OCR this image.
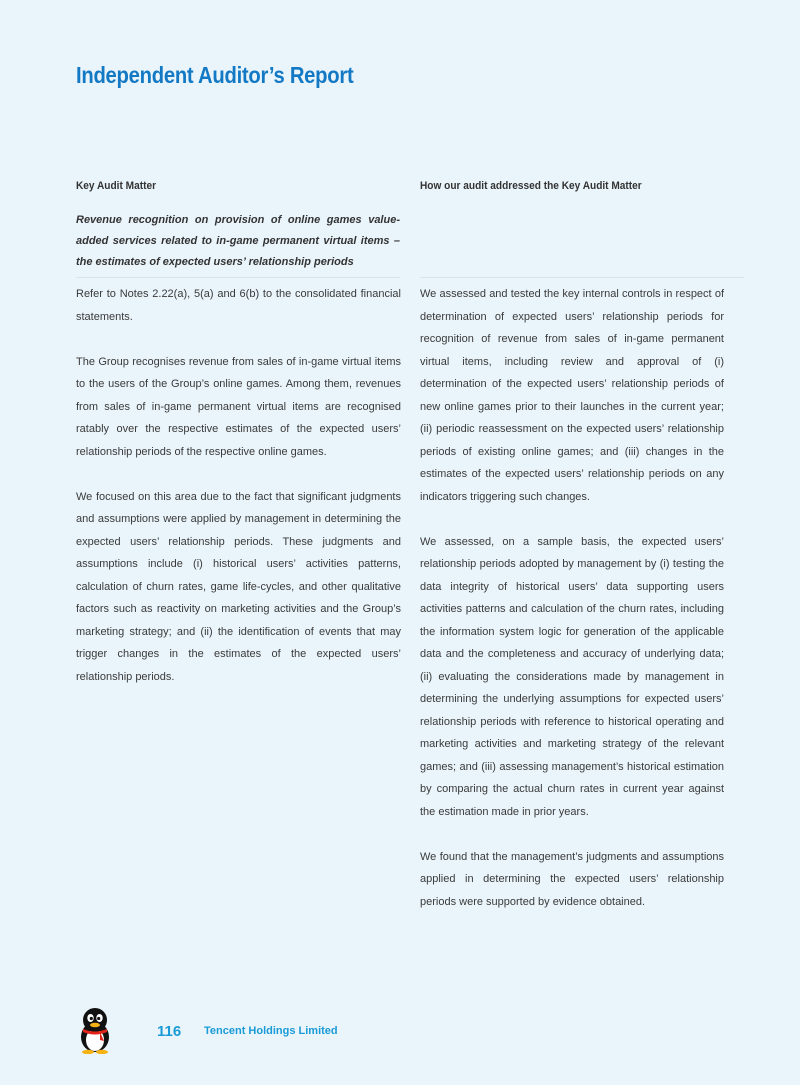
Independent Auditor’s Report
Key Audit Matter	How our audit addressed the Key Audit Matter

Revenue recognition on provision of online games value-added services related to in-game permanent virtual items – the estimates of expected users’ relationship periods

Refer to Notes 2.22(a), 5(a) and 6(b) to the consolidated financial statements.

The Group recognises revenue from sales of in-game virtual items to the users of the Group’s online games. Among them, revenues from sales of in-game permanent virtual items are recognised ratably over the respective estimates of the expected users’ relationship periods of the respective online games.

We focused on this area due to the fact that significant judgments and assumptions were applied by management in determining the expected users’ relationship periods. These judgments and assumptions include (i) historical users’ activities patterns, calculation of churn rates, game life-cycles, and other qualitative factors such as reactivity on marketing activities and the Group’s marketing strategy; and (ii) the identification of events that may trigger changes in the estimates of the expected users’ relationship periods.

We assessed and tested the key internal controls in respect of determination of expected users’ relationship periods for recognition of revenue from sales of in-game permanent virtual items, including review and approval of (i) determination of the expected users’ relationship periods of new online games prior to their launches in the current year; (ii) periodic reassessment on the expected users’ relationship periods of existing online games; and (iii) changes in the estimates of the expected users’ relationship periods on any indicators triggering such changes.

We assessed, on a sample basis, the expected users’ relationship periods adopted by management by (i) testing the data integrity of historical users’ data supporting users activities patterns and calculation of the churn rates, including the information system logic for generation of the applicable data and the completeness and accuracy of underlying data; (ii) evaluating the considerations made by management in determining the underlying assumptions for expected users’ relationship periods with reference to historical operating and marketing activities and marketing strategy of the relevant games; and (iii) assessing management’s historical estimation by comparing the actual churn rates in current year against the estimation made in prior years.

We found that the management’s judgments and assumptions applied in determining the expected users’ relationship periods were supported by evidence obtained.

116 Tencent Holdings Limited
